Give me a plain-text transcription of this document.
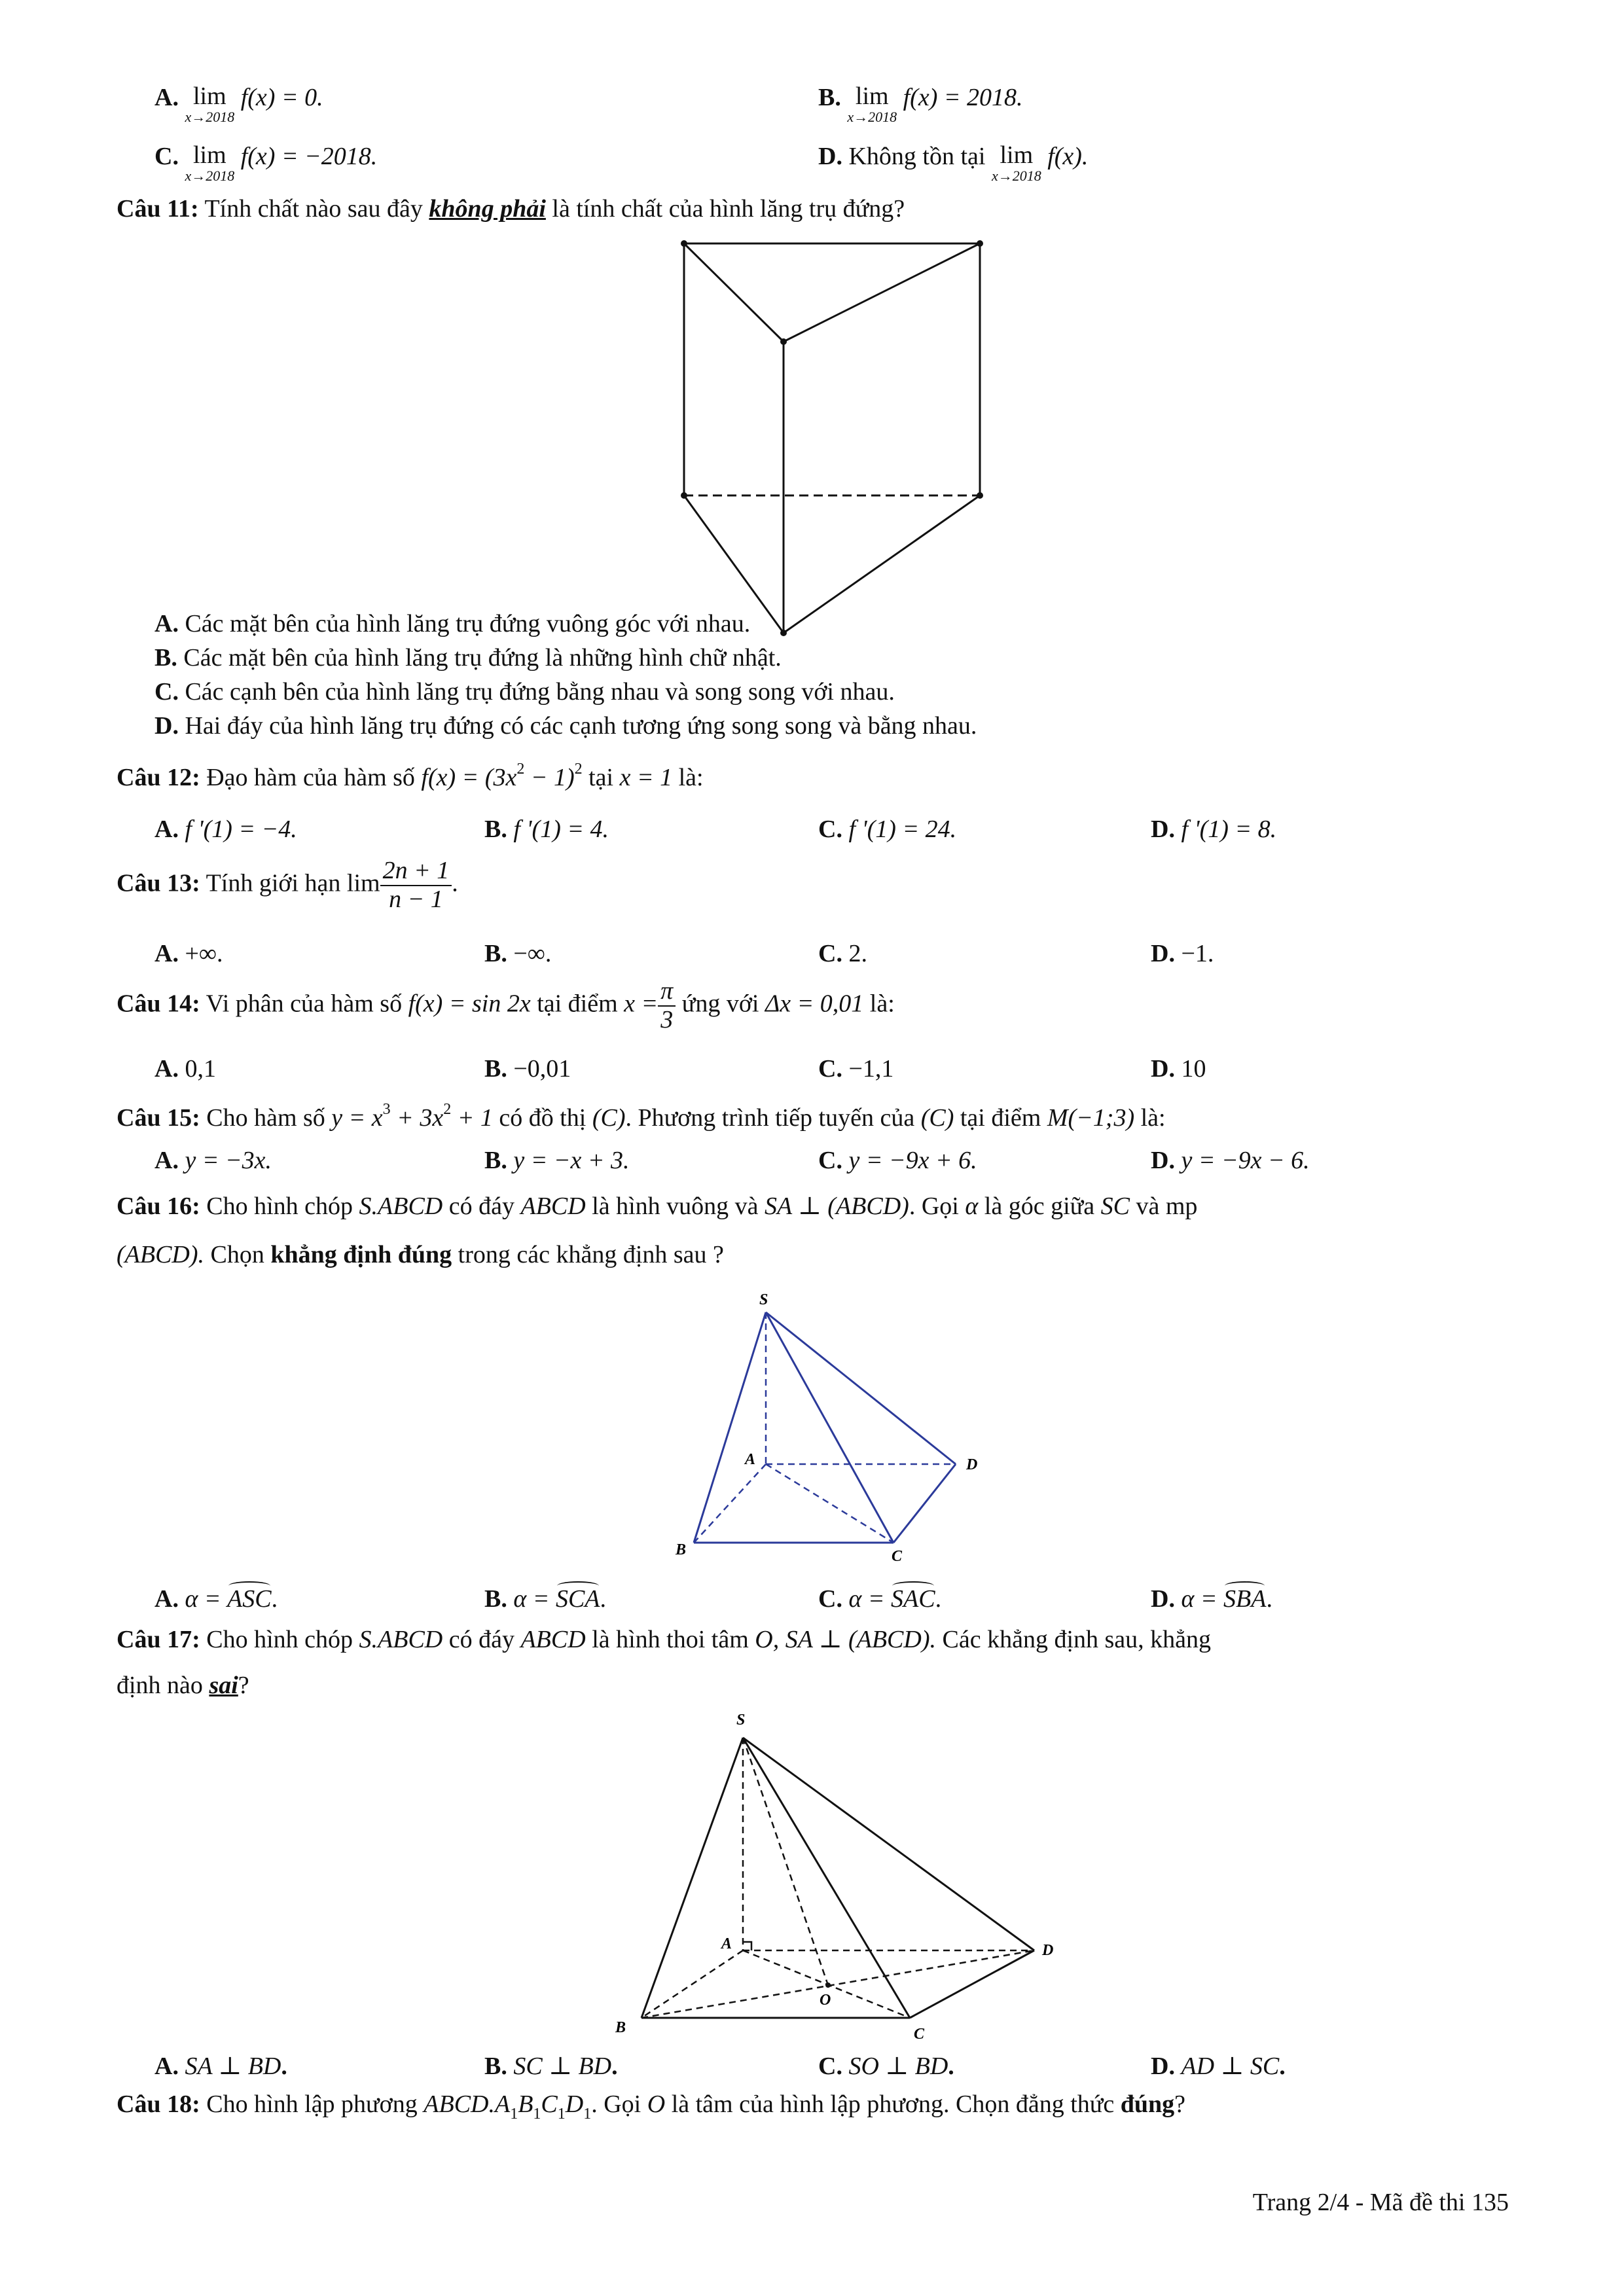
A. lim
x→2018
f(x) = 0.	B. lim
x→2018
f(x) = 2018.
C. lim
x→2018
f(x) = −2018.	D. Không tồn tại lim
x→2018
f(x).
Câu 11: Tính chất nào sau đây không phải là tính chất của hình lăng trụ đứng?
A. Các mặt bên của hình lăng trụ đứng vuông góc với nhau.
B. Các mặt bên của hình lăng trụ đứng là những hình chữ nhật.
C. Các cạnh bên của hình lăng trụ đứng bằng nhau và song song với nhau.
D. Hai đáy của hình lăng trụ đứng có các cạnh tương ứng song song và bằng nhau.
Câu 12: Đạo hàm của hàm số $f(x) = (3x^2 - 1)^2$ tại x = 1 là:
A. f '(1) = −4.	B. f '(1) = 4.	C. f '(1) = 24.	D. f '(1) = 8.
Câu 13: Tính giới hạn $\lim \frac{2n + 1}{n - 1}$ .
A. +∞.	B. −∞.	C. 2.	D. −1.
Câu 14: Vi phân của hàm số f(x) = sin 2x tại điểm $x = \frac{\pi}{3}$ ứng với Δx = 0,01 là:
A. 0,1	B. −0,01	C. −1,1	D. 10
Câu 15: Cho hàm số $y = x^3 + 3x^2 + 1$ có đồ thị (C). Phương trình tiếp tuyến của (C) tại điểm M(−1;3) là:
A. y = −3x.	B. y = −x + 3.	C. y = −9x + 6.	D. y = −9x − 6.
Câu 16: Cho hình chóp S.ABCD có đáy ABCD là hình vuông và SA ⊥ (ABCD). Gọi α là góc giữa SC và mp
(ABCD). Chọn khẳng định đúng trong các khẳng định sau ?
S
A
B	C
D
A. α = ASC.	B. α = SCA.	C. α = SAC.	D. α = SBA.
Câu 17: Cho hình chóp S.ABCD có đáy ABCD là hình thoi tâm O, SA ⊥ (ABCD). Các khẳng định sau, khẳng
định nào sai?
S
A
B	C
D
O
A. SA ⊥ BD.	B. SC ⊥ BD.	C. SO ⊥ BD.	D. AD ⊥ SC.
Câu 18: Cho hình lập phương $ABCD.A_1B_1C_1D_1$. Gọi O là tâm của hình lập phương. Chọn đẳng thức đúng?
Trang 2/4 - Mã đề thi 135
